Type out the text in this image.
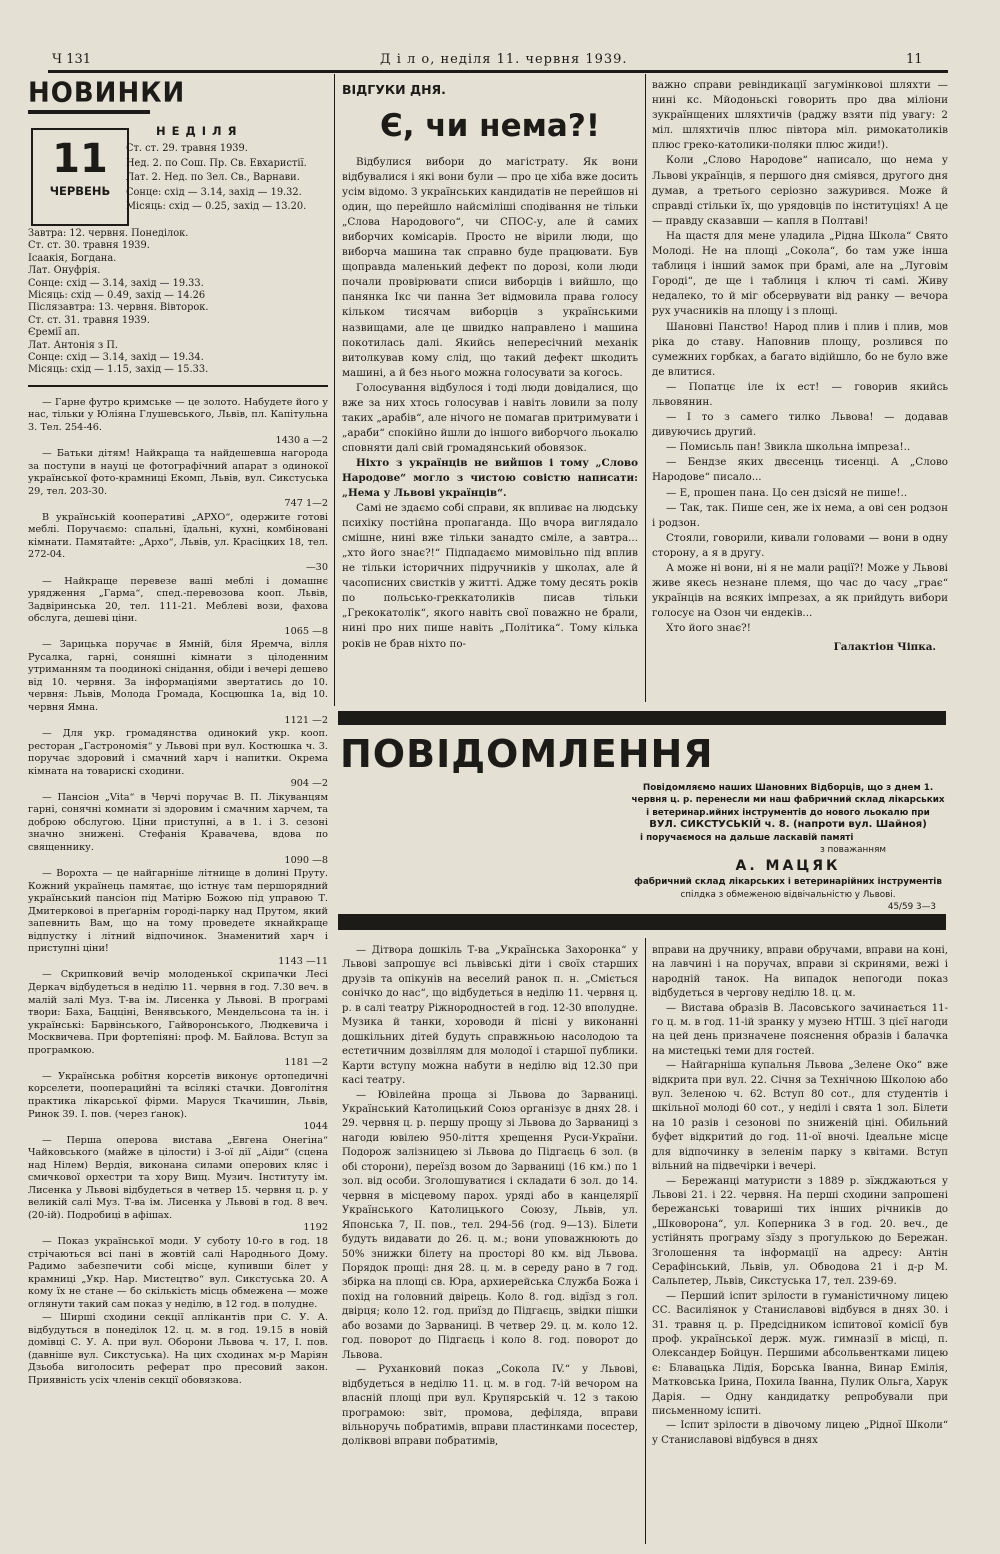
Ч 131	Д і л о, неділя 11. червня 1939.	11
НОВИНКИ
11
ЧЕРВЕНЬ
Н Е Д І Л Я
Ст. ст. 29. травня 1939.
Нед. 2. по Сош. Пр. Св. Евхаристії.
Лат. 2. Нед. по Зел. Св., Варнави.
Сонце: схід — 3.14, захід — 19.32.
Місяць: схід — 0.25, захід — 13.20.
Завтра: 12. червня. Понеділок.
Ст. ст. 30. травня 1939.
Ісаакія, Богдана.
Лат. Онуфрія.
Сонце: схід — 3.14, захід — 19.33.
Місяць: схід — 0.49, захід — 14.26
Післязавтра: 13. червня. Вівторок.
Ст. ст. 31. травня 1939.
Єремії ап.
Лат. Антонія з П.
Сонце: схід — 3.14, захід — 19.34.
Місяць: схід — 1.15, захід — 15.33.

— Гарне футро кримське — це золото. Набудете його у нас, тільки у Юліяна Глушевського, Львів, пл. Капітульна 3. Тел. 254-46.

1430 а —2

— Батьки дітям! Найкраща та найдешевша нагорода за поступи в науці це фотографічний апарат з одинокої української фото-крамниці Екомп, Львів, вул. Сикстуська 29, тел. 203-30.

747 1—2

В українській кооперативі „АРХО“, одержите готові меблі. Поручаємо: спальні, їдальні, кухні, комбіновані кімнати. Памятайте: „Архо“, Львів, ул. Красіцких 18, тел. 272-04.

—30

— Найкраще перевезе ваші меблі і домашнє урядження „Гарма“, спед.-перевозова кооп. Львів, Задвіринська 20, тел. 111-21. Меблеві вози, фахова обслуга, дешеві ціни.

1065 —8

— Зарицька поручає в Ямній, біля Яремча, вілля Русалка, гарні, соняшні кімнати з цілоденним утриманням та поодинокі снідання, обіди і вечері дешево від 10. червня. За інформаціями звертатись до 10. червня: Львів, Молода Громада, Косцюшка 1а, від 10. червня Ямна.

1121 —2

— Для укр. громадянства одинокий укр. кооп. ресторан „Гастрономія“ у Львові при вул. Костюшка ч. 3. поручає здоровий і смачний харч і напитки. Окрема кімната на товарискі сходини.

904 —2

— Пансіон „Vita“ в Черчі поручає В. П. Лікуванцям гарні, сонячні комнати зі здоровим і смачним харчем, та доброю обслугою. Ціни приступні, а в 1. і 3. сезоні значно знижені. Стефанія Кравачева, вдова по священнику.

1090 —8

— Вороxта — це найгарніше літнище в долині Пруту. Кожний українець памятає, що істнує там першорядний український пансіон під Матірю Божою під управою Т. Дмитерковоі в преґарнім городі-парку над Прутом, який запевнить Вам, що на тому проведете якнайкраще відпустку і літний відпочинок. Знаменитий харч і приступні ціни!

1143 —11

— Скрипковий вечір молоденької скрипачки Лесі Деркач відбудеться в неділю 11. червня в год. 7.30 веч. в малій залі Муз. Т-ва ім. Лисенка у Львові. В програмі твори: Баха, Бацціні, Венявського, Мендельсона та ін. і українські: Барвінського, Гайворонського, Людкевича і Москвичева. При фортепіяні: проф. М. Байлова. Вступ за програмкою.

1181 —2

— Українська робітня корсетів виконує ортопедичні корселети, пооперацийні та всілякі стачки. Довголітня практика лікарської фірми. Маруся Ткачишин, Львів, Ринок 39. І. пов. (через ґанок).

1044

— Перша оперова вистава „Евгена Онегіна“ Чайковського (майже в цілости) і 3-ої дії „Аіди“ (сцена над Нілем) Вердія, виконана силами оперових кляс і смичкової орхестри та хору Вищ. Музич. Інституту ім. Лисенка у Львові відбудеться в четвер 15. червня ц. р. у великій салі Муз. Т-ва ім. Лисенка у Львові в год. 8 веч. (20-ій). Подробиці в афішах.

1192

— Показ української моди. У суботу 10-го в год. 18 стрічаються всі пані в жовтій салі Народнього Дому. Радимо забезпечити собі місце, купивши білет у крамниці „Укр. Нар. Мистецтво“ вул. Сикстуська 20. А кому їх не стане — бо скількість місць обмежена — може оглянути такий сам показ у неділю, в 12 год. в полудне.

— Ширші сходини секції аплікантів при С. У. А. відбудуться в понеділок 12. ц. м. в год. 19.15 в новій домівці С. У. А. при вул. Оборони Львова ч. 17, І. пов. (давніше вул. Сикстуська). На цих сходинах м-р Маріян Дзьоба виголосить реферат про пресовий закон. Приявність усіх членів секції обовязкова.

ВІДГУКИ ДНЯ.
Є, чи нема?!

Відбулися вибори до магістрату. Як вони відбувалися і які вони були — про це хіба вже досить усім відомо. З українських кандидатів не перейшов ні один, що перейшло найсміліші сподівання не тільки „Слова Народового“, чи СПОС-у, але й самих виборчих комісарів. Просто не вірили люди, що виборча машина так справно буде працювати. Був щоправда маленький дефект по дорозі, коли люди почали провірювати списи виборців і вийшло, що панянка Ікс чи панна Зет відмовила права голосу кільком тисячам виборців з українськими назвищами, але це швидко направлено і машина покотилась далі. Якийсь непересічний механік витолкував кому слід, що такий дефект шкодить машині, а й без нього можна голосувати за когось.

Голосування відбулося і тоді люди довідалися, що вже за них хтось голосував і навіть ловили за полу таких „арабів“, але нічого не помагав притримувати і „араби“ спокійно йшли до іншого виборчого льокалю сповняти далі свій громадянський обовязок.

Ніхто з українців не вийшов і тому „Слово Народове“ могло з чистою совістю написати: „Нема у Львові українців“.

Самі не здаємо собі справи, як впливає на людську психіку постійна пропаганда. Що вчора виглядало смішне, нині вже тільки занадто сміле, а завтра... „хто його знає?!“ Підпадаємо мимовільно під вплив не тільки історичних підручників у школах, але й часописних свистків у житті. Адже тому десять років по польсько-греккатоликів писав тільки „Грекокатолік“, якого навіть свої поважно не брали, нині про них пише навіть „Політика“. Тому кілька років не брав ніхто по-

важно справи ревіндикації загумінковоі шляхти — нині кс. Мйодоньскі говорить про два міліони зукраїнщених шляхтичів (раджу взяти під увагу: 2 міл. шляхтичів плюс півтора міл. римокатоликів плюс греко-католики-поляки плюс жиди!).

Коли „Слово Народове“ написало, що нема у Львові українців, я першого дня сміявся, другого дня думав, а третього серіозно зажурився. Може й справді стільки їх, що урядовців по інституціях! А це — правду сказавши — капля в Полтаві!

На щастя для мене уладила „Рідна Школа“ Свято Молоді. Не на площі „Сокола“, бо там уже інша таблиця і інший замок при брамі, але на „Луговім Городі“, де ще і таблиця і ключ ті самі. Живу недалеко, то й міг обсервувати від ранку — вечора рух учасників на площу і з площі.

Шановні Панство! Народ плив і плив і плив, мов ріка до ставу. Наповнив площу, розлився по сумежних горбках, а багато відійшло, бо не було вже де влитися.

— Попатцє іле іх ест! — говорив якийсь львовянин.

— І то з самего тилко Львова! — додавав дивуючись другий.

— Помисьль пан! Звикла школьна імпреза!..

— Бендзе яких двєсенць тисенці. А „Слово Народове“ писало...

— Е, прошен пана. Цо сен дзісяй не пише!..

— Так, так. Пише сен, же іх нема, а ові сен родзон і родзон.

Стояли, говорили, кивали головами — вони в одну сторону, а я в другу.

А може ні вони, ні я не мали рації?! Може у Львові живе якесь незнане племя, що час до часу „грає“ українців на всяких імпрезах, а як прийдуть вибори голосує на Озон чи ендеків...

Хто його знає?!

Галактіон Чіпка.
ПОВІДОМЛЕННЯ
Повідомляємо наших Шановних Відборців, що з днем 1. червня ц. р. перенесли ми наш фабричний склад лікарських і ветеринар.ийних інструментів до нового льокалю при
ВУЛ. СИКСТУСЬКІЙ ч. 8. (напроти вул. Шайноя)
і поручаємося на дальше ласкавій памяті
з поважанням
А. МАЦЯК
фабричний склад лікарських і ветеринарійних інструментів
спілдка з обмеженою відвічальністю у Львові.
45/59 3—3

— Дітвора дошкіль Т-ва „Українська Захоронка“ у Львові запрошує всі львівські діти і своїх старших друзів та опікунів на веселий ранок п. н. „Сміється сонічко до нас“, що відбудеться в неділю 11. червня ц. р. в салі театру Ріжнородностей в год. 12-30 вполудне. Музика й танки, хороводи й пісні у виконанні дошкільних дітей будуть справжньою насолодою та естетичним дозвіллям для молодої і старшої публики. Карти вступу можна набути в неділю від 12.30 при касі театру.

— Ювілейна проща зі Львова до Зарваниці. Український Католицький Союз організує в днях 28. і 29. червня ц. р. першу прощу зі Львова до Зарваниці з нагоди ювілею 950-ліття хрещення Руси-України. Подорож залізницею зі Львова до Підгаєць 6 зол. (в обі сторони), переїзд возом до Зарваниці (16 км.) по 1 зол. від особи. Зголошуватися і складати 6 зол. до 14. червня в місцевому парох. уряді або в канцелярії Українського Католицького Союзу, Львів, ул. Японська 7, ІІ. пов., тел. 294-56 (год. 9—13). Білети будуть видавати до 26. ц. м.; вони уповажнюють до 50% знижки білету на просторі 80 км. від Львова. Порядок прощі: дня 28. ц. м. в середу рано в 7 год. збірка на площі св. Юра, архиерейська Служба Божа і похід на головний двірець. Коло 8. год. відїзд з гол. двірця; коло 12. год. приїзд до Підгаєць, звідки пішки або возами до Зарваниці. В четвер 29. ц. м. коло 12. год. поворот до Підгаєць і коло 8. год. поворот до Львова.

— Руханковий показ „Сокола IV.“ у Львові, відбудеться в неділю 11. ц. м. в год. 7-ій вечором на власній площі при вул. Крупярській ч. 12 з такою програмою: звіт, промова, дефіляда, вправи вільноручь побратимів, вправи пластинками посестер, доліквові вправи побратимів,

вправи на дручнику, вправи обручами, вправи на коні, на лавчині і на поручах, вправи зі скринями, вежі і народній танок. На випадок непогоди показ відбудеться в чергову неділю 18. ц. м.

— Виставa образів В. Ласовського зачинається 11-го ц. м. в год. 11-ій зранку у музею НТШ. З цієї нагоди на цей день призначене пояснення образів і балачка на мистецькі теми для гостей.

— Найгарніша купальня Львова „Зелене Око“ вже відкрита при вул. 22. Січня за Технічною Школою або вул. Зеленою ч. 62. Вступ 80 сот., для студентів і шкільної молоді 60 сот., у неділі і свята 1 зол. Білети на 10 разів і сезонові по зниженій ціні. Обильний буфет відкритий до год. 11-ої вночі. Ідеальне місце для відпочинку в зеленім парку з квітами. Вступ вільний на підвечірки і вечері.

— Бережанці матуристи з 1889 р. зїжджаються у Львові 21. і 22. червня. На перші сходини запрошені бережанські товариші тих інших річників до „Шковорона“, ул. Коперника 3 в год. 20. веч., де устійнять програму зїзду з прогулькою до Бережан. Зголошення та інформації на адресу: Антін Серафінський, Львів, ул. Обводова 21 і д-р М. Сальпетер, Львів, Сикстуська 17, тел. 239-69.

— Перший іспит зрілости в гуманістичному лицею СС. Василіянок у Станиславові відбувся в днях 30. і 31. травня ц. р. Предсідником іспитової комісії був проф. української держ. муж. гимназії в місці, п. Олександер Бойцун. Першими абсольвентками лицею є: Блавацька Лідія, Борська Іванна, Винар Емілія, Матковська Ірина, Похила Іванна, Пулик Ольга, Харук Дарія. — Одну кандидатку репробували при письменному іспиті.

— Іспит зрілости в дівочому лицею „Рідної Школи“ у Станиславові відбувся в днях
